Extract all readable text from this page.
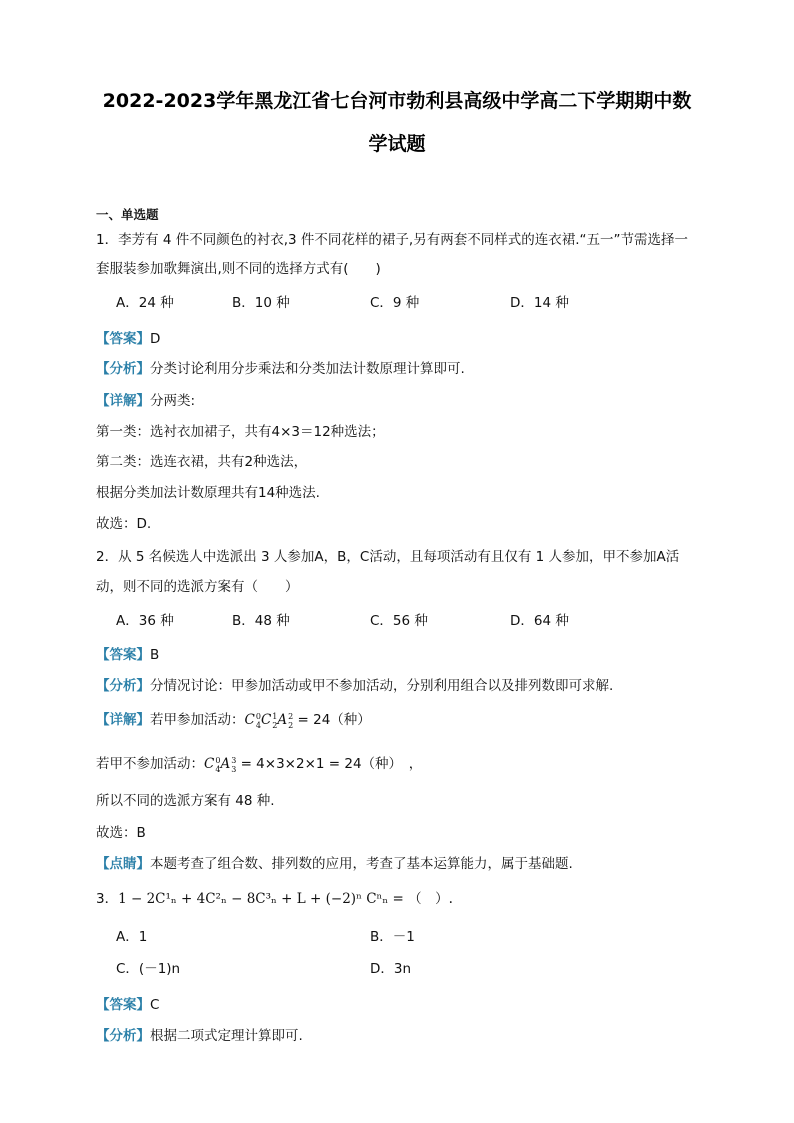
2022-2023学年黑龙江省七台河市勃利县高级中学高二下学期期中数
学试题
一、单选题
1．李芳有 4 件不同颜色的衬衣,3 件不同花样的裙子,另有两套不同样式的连衣裙.“五一”节需选择一
套服装参加歌舞演出,则不同的选择方式有(　　)
A．24 种	B．10 种	C．9 种	D．14 种
【答案】D
【分析】分类讨论利用分步乘法和分类加法计数原理计算即可.
【详解】分两类:
第一类：选衬衣加裙子，共有4×3＝12种选法；
第二类：选连衣裙，共有2种选法，
根据分类加法计数原理共有14种选法.
故选：D.
2．从 5 名候选人中选派出 3 人参加A，B，C活动，且每项活动有且仅有 1 人参加，甲不参加A活
动，则不同的选派方案有（　　）
A．36 种	B．48 种	C．56 种	D．64 种
【答案】B
【分析】分情况讨论：甲参加活动或甲不参加活动，分别利用组合以及排列数即可求解.
【详解】若甲参加活动：C 0
4 C 1
2 A 2
2 = 24（种）
若甲不参加活动：C 0
4 A 3
3 = 4×3×2×1 = 24（种）　，
所以不同的选派方案有 48 种.
故选：B
【点睛】本题考查了组合数、排列数的应用，考查了基本运算能力，属于基础题.
3．1 − 2C¹ₙ + 4C²ₙ − 8C³ₙ + L + (−2)ⁿ Cⁿₙ = （　）.
A．1	B．－1
C．(－1)n	D．3n
【答案】C
【分析】根据二项式定理计算即可.
